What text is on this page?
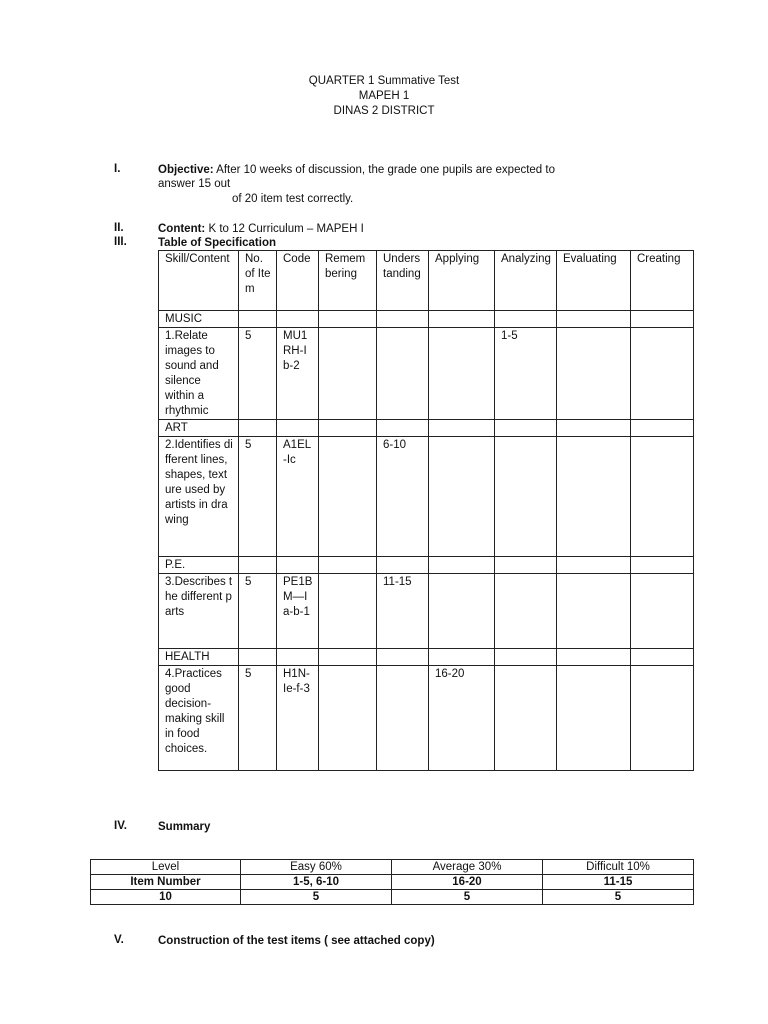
QUARTER 1 Summative Test
MAPEH 1
DINAS 2 DISTRICT
I.	Objective: After 10 weeks of discussion, the grade one pupils are expected to
answer 15 out
of 20 item test correctly.
II.	Content: K to 12 Curriculum – MAPEH I
III.	Table of Specification
Skill/Content	No. of Item	Code	Remembering	Understanding	Applying	Analyzing	Evaluating	Creating
MUSIC								
1.Relate images to sound and silence within a rhythmic	5	MU1RH-Ib-2				1-5		
ART								
2.Identifies different lines, shapes, texture used by artists in drawing	5	A1EL-Ic		6-10				
P.E.								
3.Describes the different parts	5	PE1BM—Ia-b-1		11-15				
HEALTH								
4.Practices good decision-making skill in food choices.	5	H1N-Ie-f-3			16-20			
IV.	Summary
Level	Easy 60%	Average 30%	Difficult 10%
Item Number	1-5, 6-10	16-20	11-15
10	5	5	5
V.	Construction of the test items ( see attached copy)
